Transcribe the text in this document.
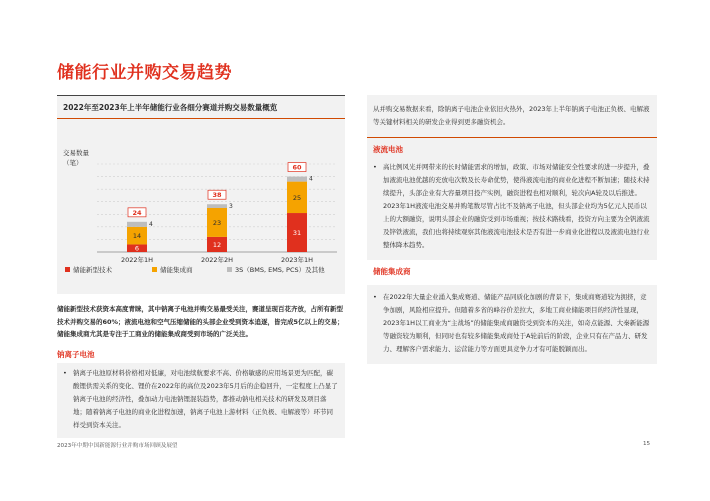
储能行业并购交易趋势
2022年至2023年上半年储能行业各细分赛道并购交易数量概览
交易数量
（笔）
6
14
4
24
2022年1H
12
23
3
38
2022年2H
31
25
4
60
2023年1H
储能新型技术	储能集成商	3S（BMS, EMS, PCS）及其他
储能新型技术获资本高度青睐，其中钠离子电池并购交易最受关注，赛道呈现百花齐放，占所有新型技术并购交易的60%；液流电池和空气压缩储能的头部企业受到资本追逐，皆完成5亿以上的交易；储能集成商尤其是专注于工商业的储能集成商受到市场的广泛关注。
钠离子电池
• 钠离子电池原材料价格相对低廉，对电池续航要求不高、价格敏感的应用场景更为匹配，碳酸锂供需关系的变化、锂价在2022年的高位及2023年5月后的企稳回升，一定程度上凸显了钠离子电池的经济性，叠加动力电池钠锂混装趋势，都推动钠电相关技术的研发及项目落地；随着钠离子电池的商业化进程加速，钠离子电池上游材料（正负极、电解液等）环节同样受到资本关注。
从并购交易数据来看，除钠离子电池企业依旧火热外，2023年上半年钠离子电池正负极、电解液等关键材料相关的研发企业得到更多融资机会。
液流电池
• 高比例风光并网带来的长时储能需求的增加，政策、市场对储能安全性要求的进一步提升，叠加液流电池优越的充放电次数及长寿命优势，使得液流电池的商业化进程不断加速；随技术持续提升，头部企业有大容量项目投产实例，融资进程也相对顺利，轮次向A轮及以后推进。2023年1H液流电池交易并购笔数尽管占比不及钠离子电池，但头部企业均为5亿元人民币以上的大额融资，说明头部企业的融资受到市场重视；按技术路线看，投资方向主要为全钒液流及锌铁液流，我们也将持续观察其他液流电池技术是否有进一步商业化进程以及液流电池行业整体降本趋势。
储能集成商
• 在2022年大量企业涌入集成赛道、储能产品同质化加剧的背景下，集成商赛道较为拥挤，竞争加剧，风险相应提升。但随着多省的峰谷价差拉大，多地工商业储能项目的经济性显现，2023年1H以工商业为“主战场”的储能集成商融资受到资本的关注，如奇点能源、大秦新能源等融资较为顺利，但同时也有较多储能集成商处于A轮前后的阶段，企业只有在产品力、研发力、理解客户需求能力、运营能力等方面更具竞争力才有可能脱颖而出。
2023年中期中国新能源行业并购市场回顾及展望	15
